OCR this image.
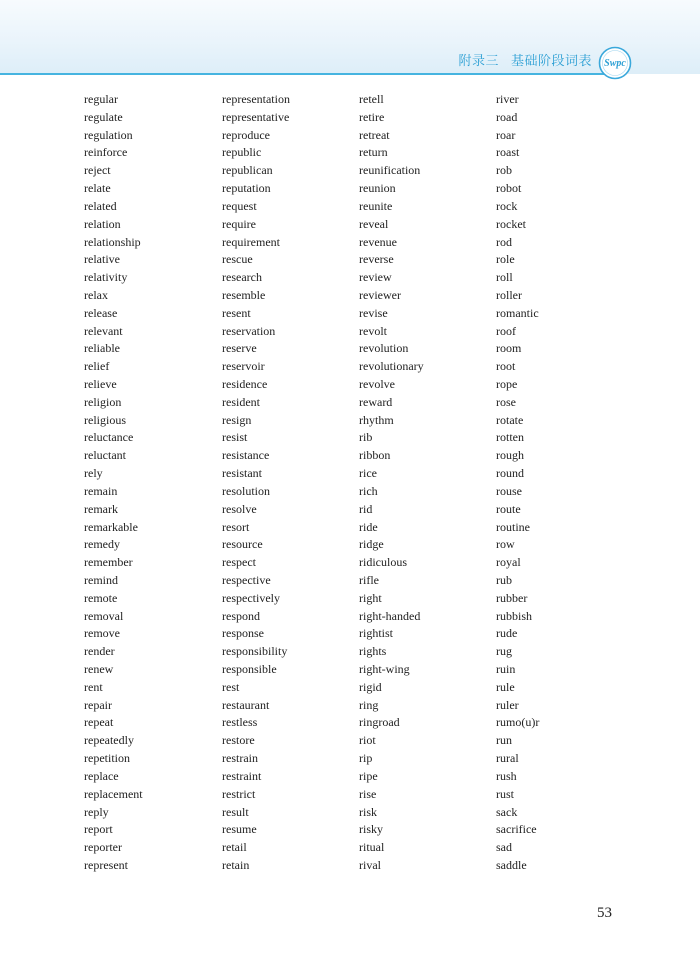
附录三 基础阶段词表 Swpc
regular
regulate
regulation
reinforce
reject
relate
related
relation
relationship
relative
relativity
relax
release
relevant
reliable
relief
relieve
religion
religious
reluctance
reluctant
rely
remain
remark
remarkable
remedy
remember
remind
remote
removal
remove
render
renew
rent
repair
repeat
repeatedly
repetition
replace
replacement
reply
report
reporter
represent
representation
representative
reproduce
republic
republican
reputation
request
require
requirement
rescue
research
resemble
resent
reservation
reserve
reservoir
residence
resident
resign
resist
resistance
resistant
resolution
resolve
resort
resource
respect
respective
respectively
respond
response
responsibility
responsible
rest
restaurant
restless
restore
restrain
restraint
restrict
result
resume
retail
retain
retell
retire
retreat
return
reunification
reunion
reunite
reveal
revenue
reverse
review
reviewer
revise
revolt
revolution
revolutionary
revolve
reward
rhythm
rib
ribbon
rice
rich
rid
ride
ridge
ridiculous
rifle
right
right-handed
rightist
rights
right-wing
rigid
ring
ringroad
riot
rip
ripe
rise
risk
risky
ritual
rival
river
road
roar
roast
rob
robot
rock
rocket
rod
role
roll
roller
romantic
roof
room
root
rope
rose
rotate
rotten
rough
round
rouse
route
routine
row
royal
rub
rubber
rubbish
rude
rug
ruin
rule
ruler
rumo(u)r
run
rural
rush
rust
sack
sacrifice
sad
saddle
53
